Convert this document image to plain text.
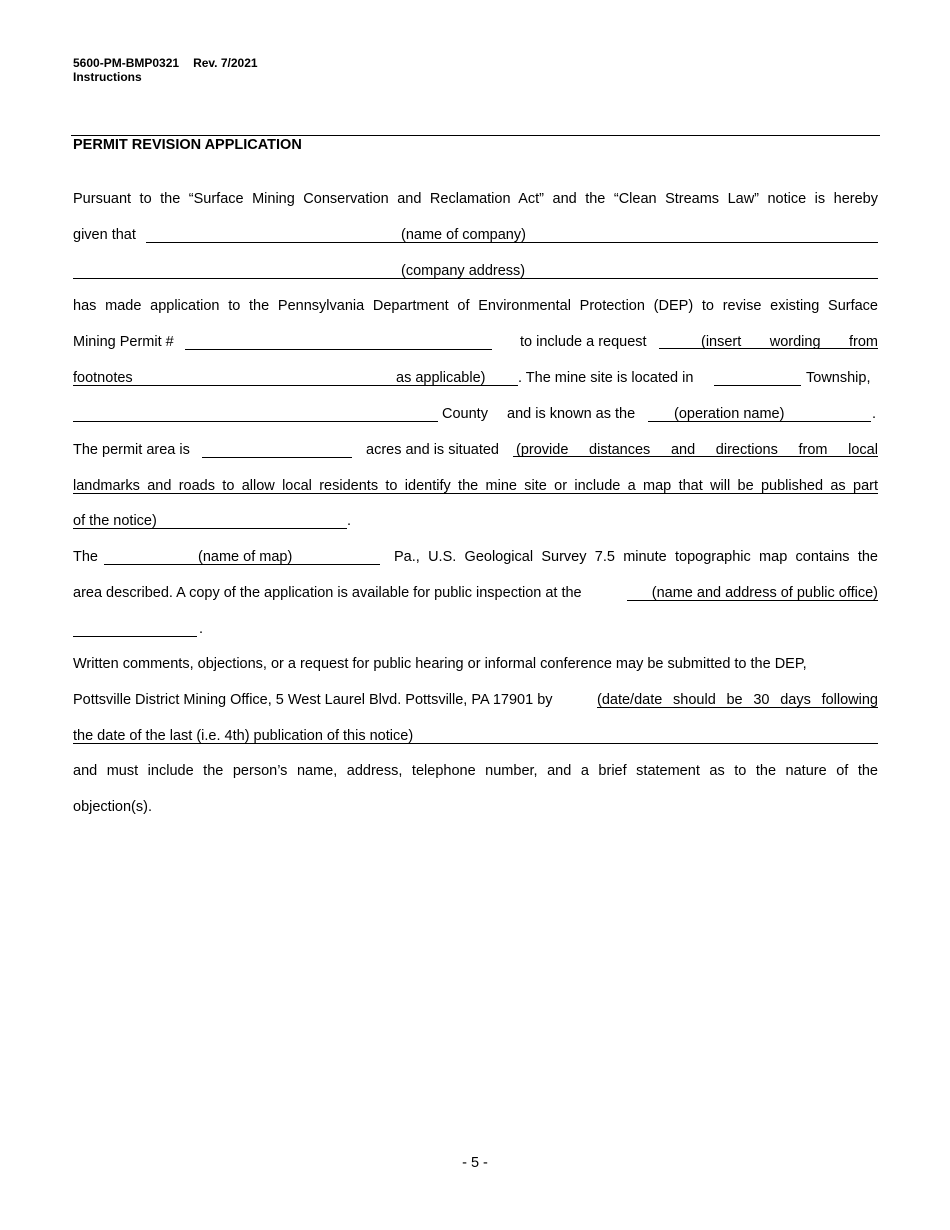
5600-PM-BMP0321 Rev. 7/2021
Instructions
PERMIT REVISION APPLICATION
Pursuant to the “Surface Mining Conservation and Reclamation Act” and the “Clean Streams Law” notice is hereby
given that	(name of company)
(company address)
has made application to the Pennsylvania Department of Environmental Protection (DEP) to revise existing Surface
Mining Permit #	to include a request	(insert wording from
footnotes	as applicable) . The mine site is located in	Township,
County and is known as the	(operation name)	.
The permit area is	acres and is situated (provide distances and directions from local
landmarks and roads to allow local residents to identify the mine site or include a map that will be published as part
of the notice)	.
The	(name of map)	Pa., U.S. Geological Survey 7.5 minute topographic map contains the
area described. A copy of the application is available for public inspection at the	(name and address of public office)
.
Written comments, objections, or a request for public hearing or informal conference may be submitted to the DEP,
Pottsville District Mining Office, 5 West Laurel Blvd. Pottsville, PA 17901 by	(date/date should be 30 days following
the date of the last (i.e. 4th) publication of this notice)
and must include the person’s name, address, telephone number, and a brief statement as to the nature of the
objection(s).
- 5 -
